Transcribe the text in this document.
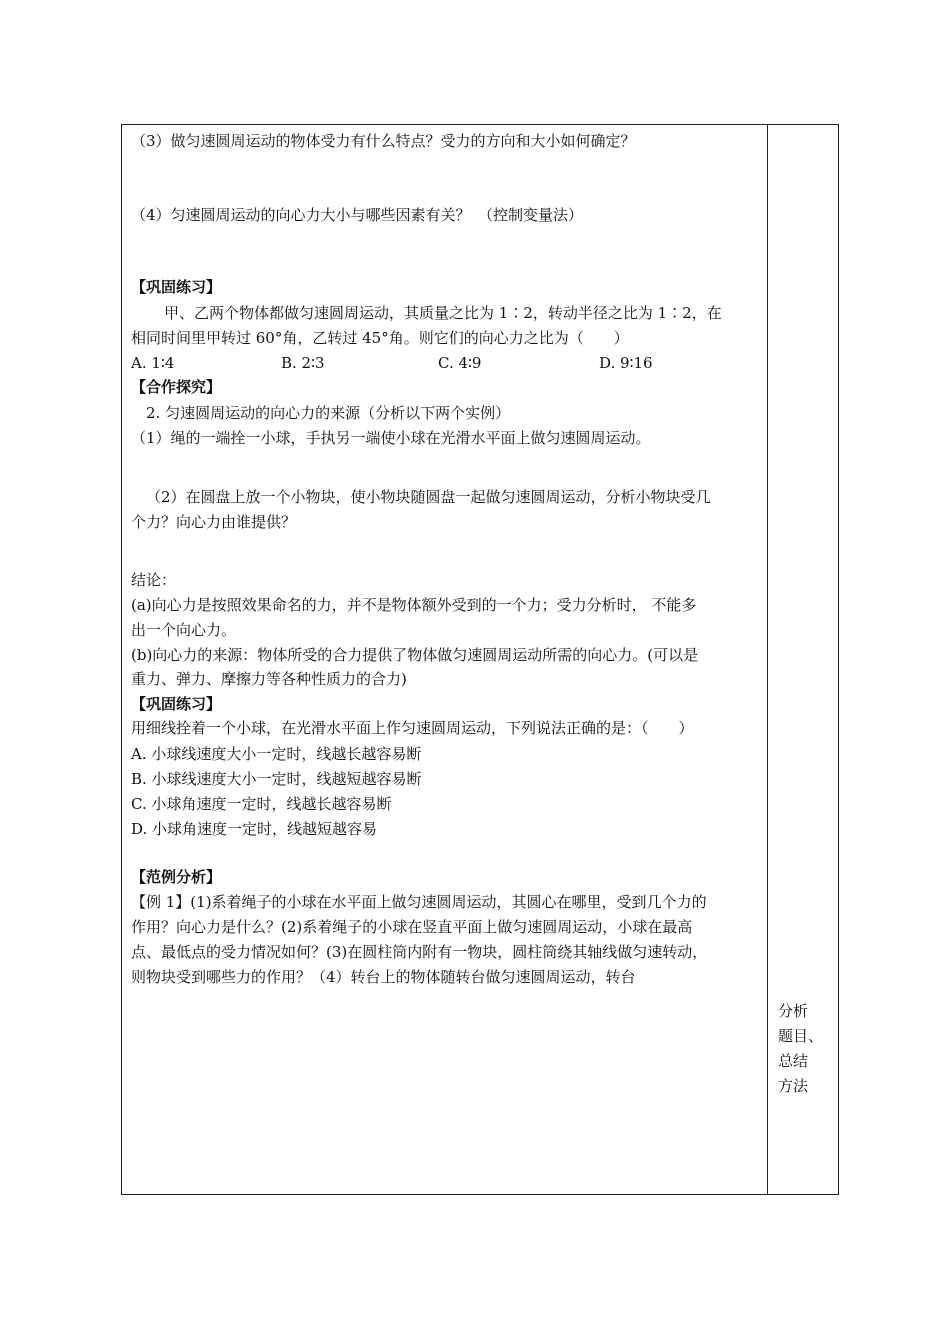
（3）做匀速圆周运动的物体受力有什么特点？受力的方向和大小如何确定？
（4）匀速圆周运动的向心力大小与哪些因素有关？　（控制变量法）
【巩固练习】
甲、乙两个物体都做匀速圆周运动，其质量之比为 1∶2，转动半径之比为 1∶2，在
相同时间里甲转过 60°角，乙转过 45°角。则它们的向心力之比为（　　）
A. 1∶4	B. 2∶3	C. 4∶9	D. 9∶16
【合作探究】
2. 匀速圆周运动的向心力的来源（分析以下两个实例）
（1）绳的一端拴一小球，手执另一端使小球在光滑水平面上做匀速圆周运动。
（2）在圆盘上放一个小物块，使小物块随圆盘一起做匀速圆周运动，分析小物块受几
个力？向心力由谁提供？
结论：
(a)向心力是按照效果命名的力，并不是物体额外受到的一个力；受力分析时， 不能多
出一个向心力。
(b)向心力的来源：物体所受的合力提供了物体做匀速圆周运动所需的向心力。(可以是
重力、弹力、摩擦力等各种性质力的合力)
【巩固练习】
用细线拴着一个小球，在光滑水平面上作匀速圆周运动，下列说法正确的是：（　　）
A. 小球线速度大小一定时，线越长越容易断
B. 小球线速度大小一定时，线越短越容易断
C. 小球角速度一定时，线越长越容易断
D. 小球角速度一定时，线越短越容易
【范例分析】
【例 1】(1)系着绳子的小球在水平面上做匀速圆周运动，其圆心在哪里，受到几个力的
作用？向心力是什么？(2)系着绳子的小球在竖直平面上做匀速圆周运动，小球在最高
点、最低点的受力情况如何？(3)在圆柱筒内附有一物块，圆柱筒绕其轴线做匀速转动，
则物块受到哪些力的作用？（4）转台上的物体随转台做匀速圆周运动，转台
分析
题目、
总结
方法
